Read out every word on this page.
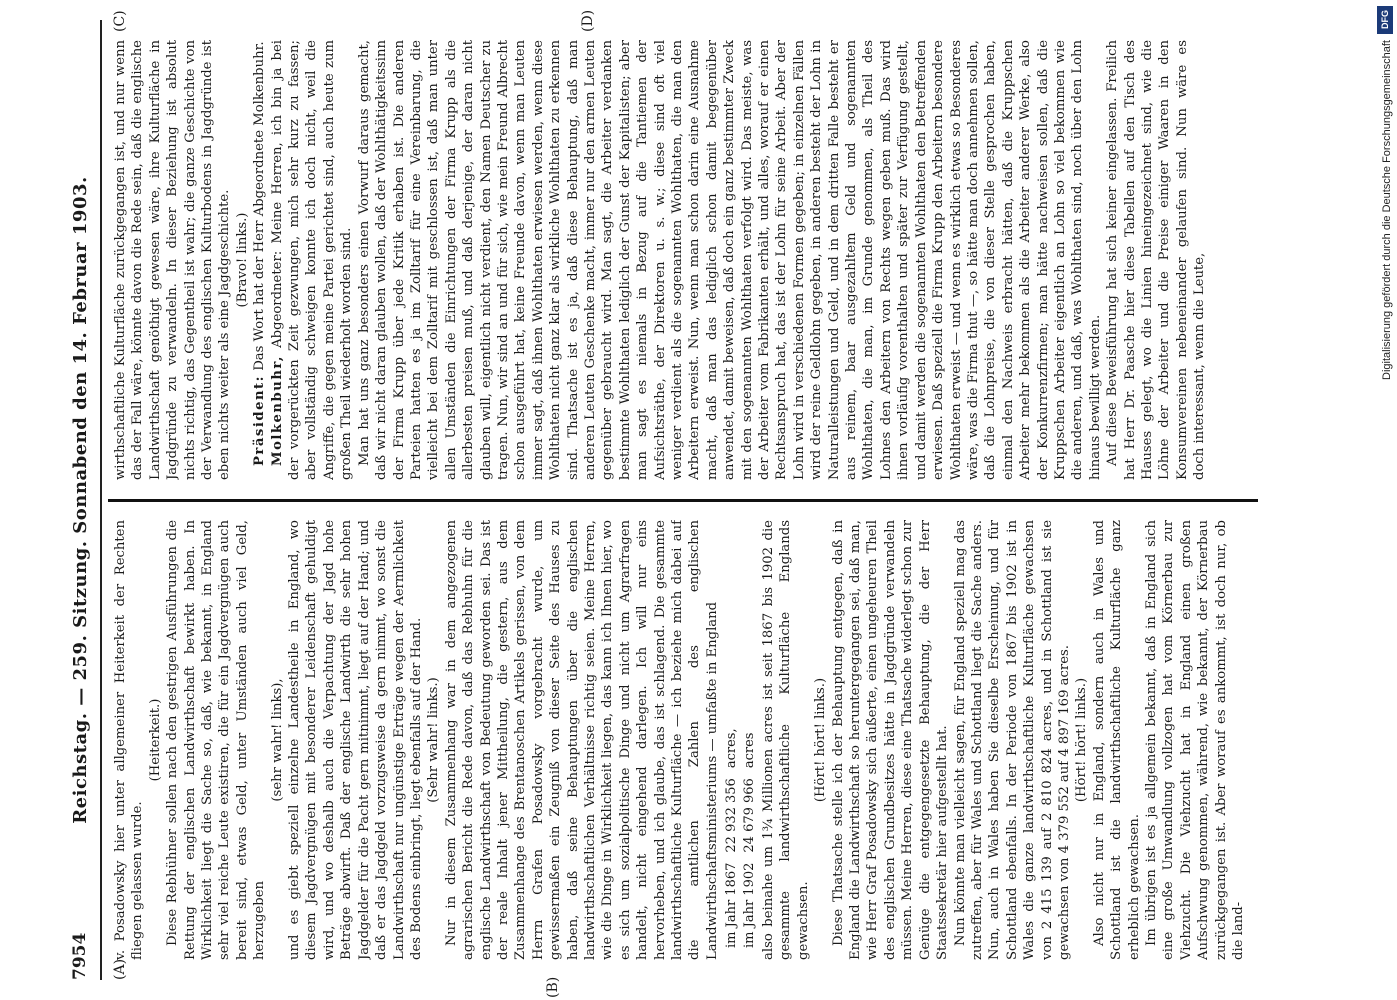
7954
Reichstag. — 259. Sitzung. Sonnabend den 14. Februar 1903.
(A)
(B)
(C)	(D)

v. Posadowsky hier unter allgemeiner Heiterkeit der Rechten fliegen gelassen wurde.

(Heiterkeit.) Diese Rebhühner sollen nach den gestrigen Ausführungen die Rettung der englischen Landwirthschaft bewirkt haben. In Wirklichkeit liegt die Sache so, daß, wie bekannt, in England sehr viel reiche Leute existiren, die für ein Jagdvergnügen auch bereit sind, etwas Geld, unter Umständen auch viel Geld, herzugeben

(sehr wahr! links), und es giebt speziell einzelne Landestheile in England, wo diesem Jagdvergnügen mit besonderer Leidenschaft gehuldigt wird, und wo deshalb auch die Verpachtung der Jagd hohe Beträge abwirft. Daß der englische Landwirth die sehr hohen Jagdgelder für die Pacht gern mitnimmt, liegt auf der Hand; und daß er das Jagdgeld vorzugsweise da gern nimmt, wo sonst die Landwirthschaft nur ungünstige Erträge wegen der Aermlichkeit des Bodens einbringt, liegt ebenfalls auf der Hand. (Sehr wahr! links.) Nur in diesem Zusammenhang war in dem angezogenen agrarischen Bericht die Rede davon, daß das Rebhuhn für die englische Landwirthschaft von Bedeutung geworden sei. Das ist der reale Inhalt jener Mittheilung, die gestern, aus dem Zusammenhange des Brentanoschen Artikels gerissen, von dem Herrn Grafen Posadowsky vorgebracht wurde, um gewissermaßen ein Zeugniß von dieser Seite des Hauses zu haben, daß seine Behauptungen über die englischen landwirthschaftlichen Verhältnisse richtig seien. Meine Herren, wie die Dinge in Wirklichkeit liegen, das kann ich Ihnen hier, wo es sich um sozialpolitische Dinge und nicht um Agrarfragen handelt, nicht eingehend darlegen. Ich will nur eins hervorheben, und ich glaube, das ist schlagend. Die gesammte landwirthschaftliche Kulturfläche — ich beziehe mich dabei auf die amtlichen Zahlen des englischen Landwirthschaftsministeriums — umfaßte in England im Jahr 1867	22 932 356	acres,
im Jahr 1902	24 679 966	acres also beinahe um 1¾ Millionen acres ist seit 1867 bis 1902 die gesammte landwirthschaftliche Kulturfläche Englands gewachsen.

(Hört! hört! links.) Diese Thatsache stelle ich der Behauptung entgegen, daß in England die Landwirthschaft so heruntergegangen sei, daß man, wie Herr Graf Posadowsky sich äußerte, einen ungeheuren Theil des englischen Grundbesitzes hätte in Jagdgründe verwandeln müssen. Meine Herren, diese eine Thatsache widerlegt schon zur Genüge die entgegengesetzte Behauptung, die der Herr Staatssekretär hier aufgestellt hat. Nun könnte man vielleicht sagen, für England speziell mag das zutreffen, aber für Wales und Schottland liegt die Sache anders. Nun, auch in Wales haben Sie dieselbe Erscheinung, und für Schottland ebenfalls. In der Periode von 1867 bis 1902 ist in Wales die ganze landwirthschaftliche Kulturfläche gewachsen von 2 415 139 auf 2 810 824 acres, und in Schottland ist sie gewachsen von 4 379 552 auf 4 897 169 acres. (Hört! hört! links.) Also nicht nur in England, sondern auch in Wales und Schottland ist die landwirthschaftliche Kulturfläche ganz erheblich gewachsen. Im übrigen ist es ja allgemein bekannt, daß in England sich eine große Umwandlung vollzogen hat vom Körnerbau zur Viehzucht. Die Viehzucht hat in England einen großen Aufschwung genommen, während, wie bekannt, der Körnerbau zurückgegangen ist. Aber worauf es ankommt, ist doch nur, ob die land-

wirthschaftliche Kulturfläche zurückgegangen ist, und nur wenn das der Fall wäre, könnte davon die Rede sein, daß die englische Landwirthschaft genöthigt gewesen wäre, ihre Kulturfläche in Jagdgründe zu verwandeln. In dieser Beziehung ist absolut nichts richtig, das Gegentheil ist wahr; die ganze Geschichte von der Verwandlung des englischen Kulturbodens in Jagdgründe ist eben nichts weiter als eine Jagdgeschichte. (Bravo! links.)

Präsident: Das Wort hat der Herr Abgeordnete Molkenbuhr.

Molkenbuhr, Abgeordneter: Meine Herren, ich bin ja bei der vorgerückten Zeit gezwungen, mich sehr kurz zu fassen; aber vollständig schweigen konnte ich doch nicht, weil die Angriffe, die gegen meine Partei gerichtet sind, auch heute zum großen Theil wiederholt worden sind. Man hat uns ganz besonders einen Vorwurf daraus gemacht, daß wir nicht daran glauben wollen, daß der Wohlthätigkeitssinn der Firma Krupp über jede Kritik erhaben ist. Die anderen Parteien hatten es ja im Zolltarif für eine Vereinbarung, die vielleicht bei dem Zolltarif mit geschlossen ist, daß man unter allen Umständen die Einrichtungen der Firma Krupp als die allerbesten preisen muß, und daß derjenige, der daran nicht glauben will, eigentlich nicht verdient, den Namen Deutscher zu tragen. Nun, wir sind an und für sich, wie mein Freund Albrecht schon ausgeführt hat, keine Freunde davon, wenn man Leuten immer sagt, daß ihnen Wohlthaten erwiesen werden, wenn diese Wohlthaten nicht ganz klar als wirkliche Wohlthaten zu erkennen sind. Thatsache ist es ja, daß diese Behauptung, daß man anderen Leuten Geschenke macht, immer nur den armen Leuten gegenüber gebraucht wird. Man sagt, die Arbeiter verdanken bestimmte Wohlthaten lediglich der Gunst der Kapitalisten; aber man sagt es niemals in Bezug auf die Tantiemen der Aufsichtsräthe, der Direktoren u. s. w.; diese sind oft viel weniger verdient als die sogenannten Wohlthaten, die man den Arbeitern erweist. Nun, wenn man schon darin eine Ausnahme macht, daß man das lediglich schon damit begegenüber anwendet, damit beweisen, daß doch ein ganz bestimmter Zweck mit den sogenannten Wohlthaten verfolgt wird. Das meiste, was der Arbeiter vom Fabrikanten erhält, und alles, worauf er einen Rechtsanspruch hat, das ist der Lohn für seine Arbeit. Aber der Lohn wird in verschiedenen Formen gegeben; in einzelnen Fällen wird der reine Geldlohn gegeben, in anderen besteht der Lohn in Naturalleistungen und Geld, und in dem dritten Falle besteht er aus reinem, baar ausgezahltem Geld und sogenannten Wohlthaten, die man, im Grunde genommen, als Theil des Lohnes den Arbeitern von Rechts wegen geben muß. Das wird ihnen vorläufig vorenthalten und später zur Verfügung gestellt, und damit werden die sogenannten Wohlthaten den Betreffenden erwiesen. Daß speziell die Firma Krupp den Arbeitern besondere Wohlthaten erweist — und wenn es wirklich etwas so Besonderes wäre, was die Firma thut —, so hätte man doch annehmen sollen, daß die Lohnpreise, die von dieser Stelle gesprochen haben, einmal den Nachweis erbracht hätten, daß die Kruppschen Arbeiter mehr bekommen als die Arbeiter anderer Werke, also der Konkurrenzfirmen; man hätte nachweisen sollen, daß die Kruppschen Arbeiter eigentlich an Lohn so viel bekommen wie die anderen, und daß, was Wohlthaten sind, noch über den Lohn hinaus bewilligt werden. Auf diese Beweisführung hat sich keiner eingelassen. Freilich hat Herr Dr. Paasche hier diese Tabellen auf den Tisch des Hauses gelegt, wo die Linien hineingezeichnet sind, wie die Löhne der Arbeiter und die Preise einiger Waaren in den Konsumvereinen nebeneinander gelaufen sind. Nun wäre es doch interessant, wenn die Leute,

DFG
Digitalisierung gefördert durch die Deutsche Forschungsgemeinschaft
